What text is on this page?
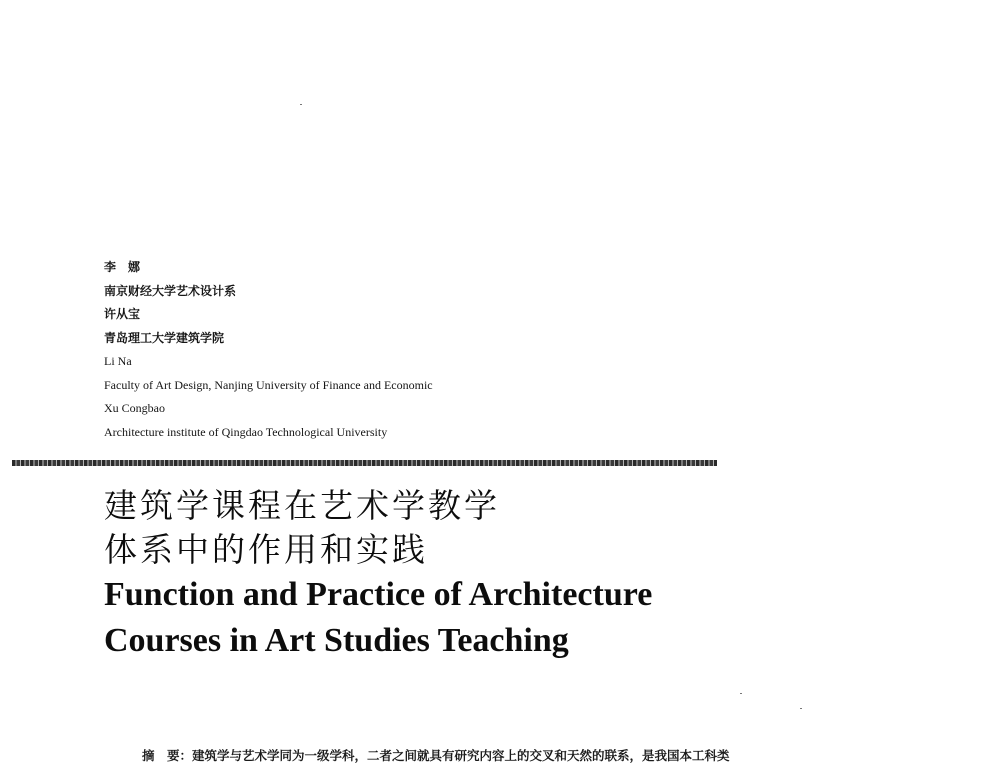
李　娜
南京财经大学艺术设计系
许从宝
青岛理工大学建筑学院
Li Na
Faculty of Art Design, Nanjing University of Finance and Economic
Xu Congbao
Architecture institute of Qingdao Technological University
建筑学课程在艺术学教学
体系中的作用和实践
Function and Practice of Architecture
Courses in Art Studies Teaching
摘　要：建筑学与艺术学同为一级学科，二者之间就具有研究内容上的交叉和天然的联系，是我国本工科类
